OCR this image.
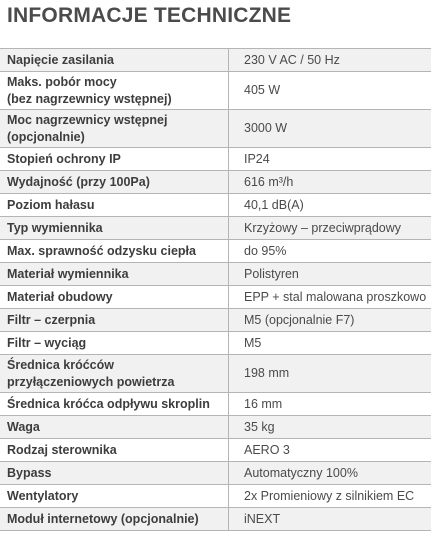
INFORMACJE TECHNICZNE
Napięcie zasilania	230 V AC / 50 Hz
Maks. pobór mocy
(bez nagrzewnicy wstępnej)	405 W
Moc nagrzewnicy wstępnej
(opcjonalnie)	3000 W
Stopień ochrony IP	IP24
Wydajność (przy 100Pa)	616 m³/h
Poziom hałasu	40,1 dB(A)
Typ wymiennika	Krzyżowy – przeciwprądowy
Max. sprawność odzysku ciepła	do 95%
Materiał wymiennika	Polistyren
Materiał obudowy	EPP + stal malowana proszkowo
Filtr – czerpnia	M5 (opcjonalnie F7)
Filtr – wyciąg	M5
Średnica króćców
przyłączeniowych powietrza	198 mm
Średnica króćca odpływu skroplin	16 mm
Waga	35 kg
Rodzaj sterownika	AERO 3
Bypass	Automatyczny 100%
Wentylatory	2x Promieniowy z silnikiem EC
Moduł internetowy (opcjonalnie)	iNEXT
